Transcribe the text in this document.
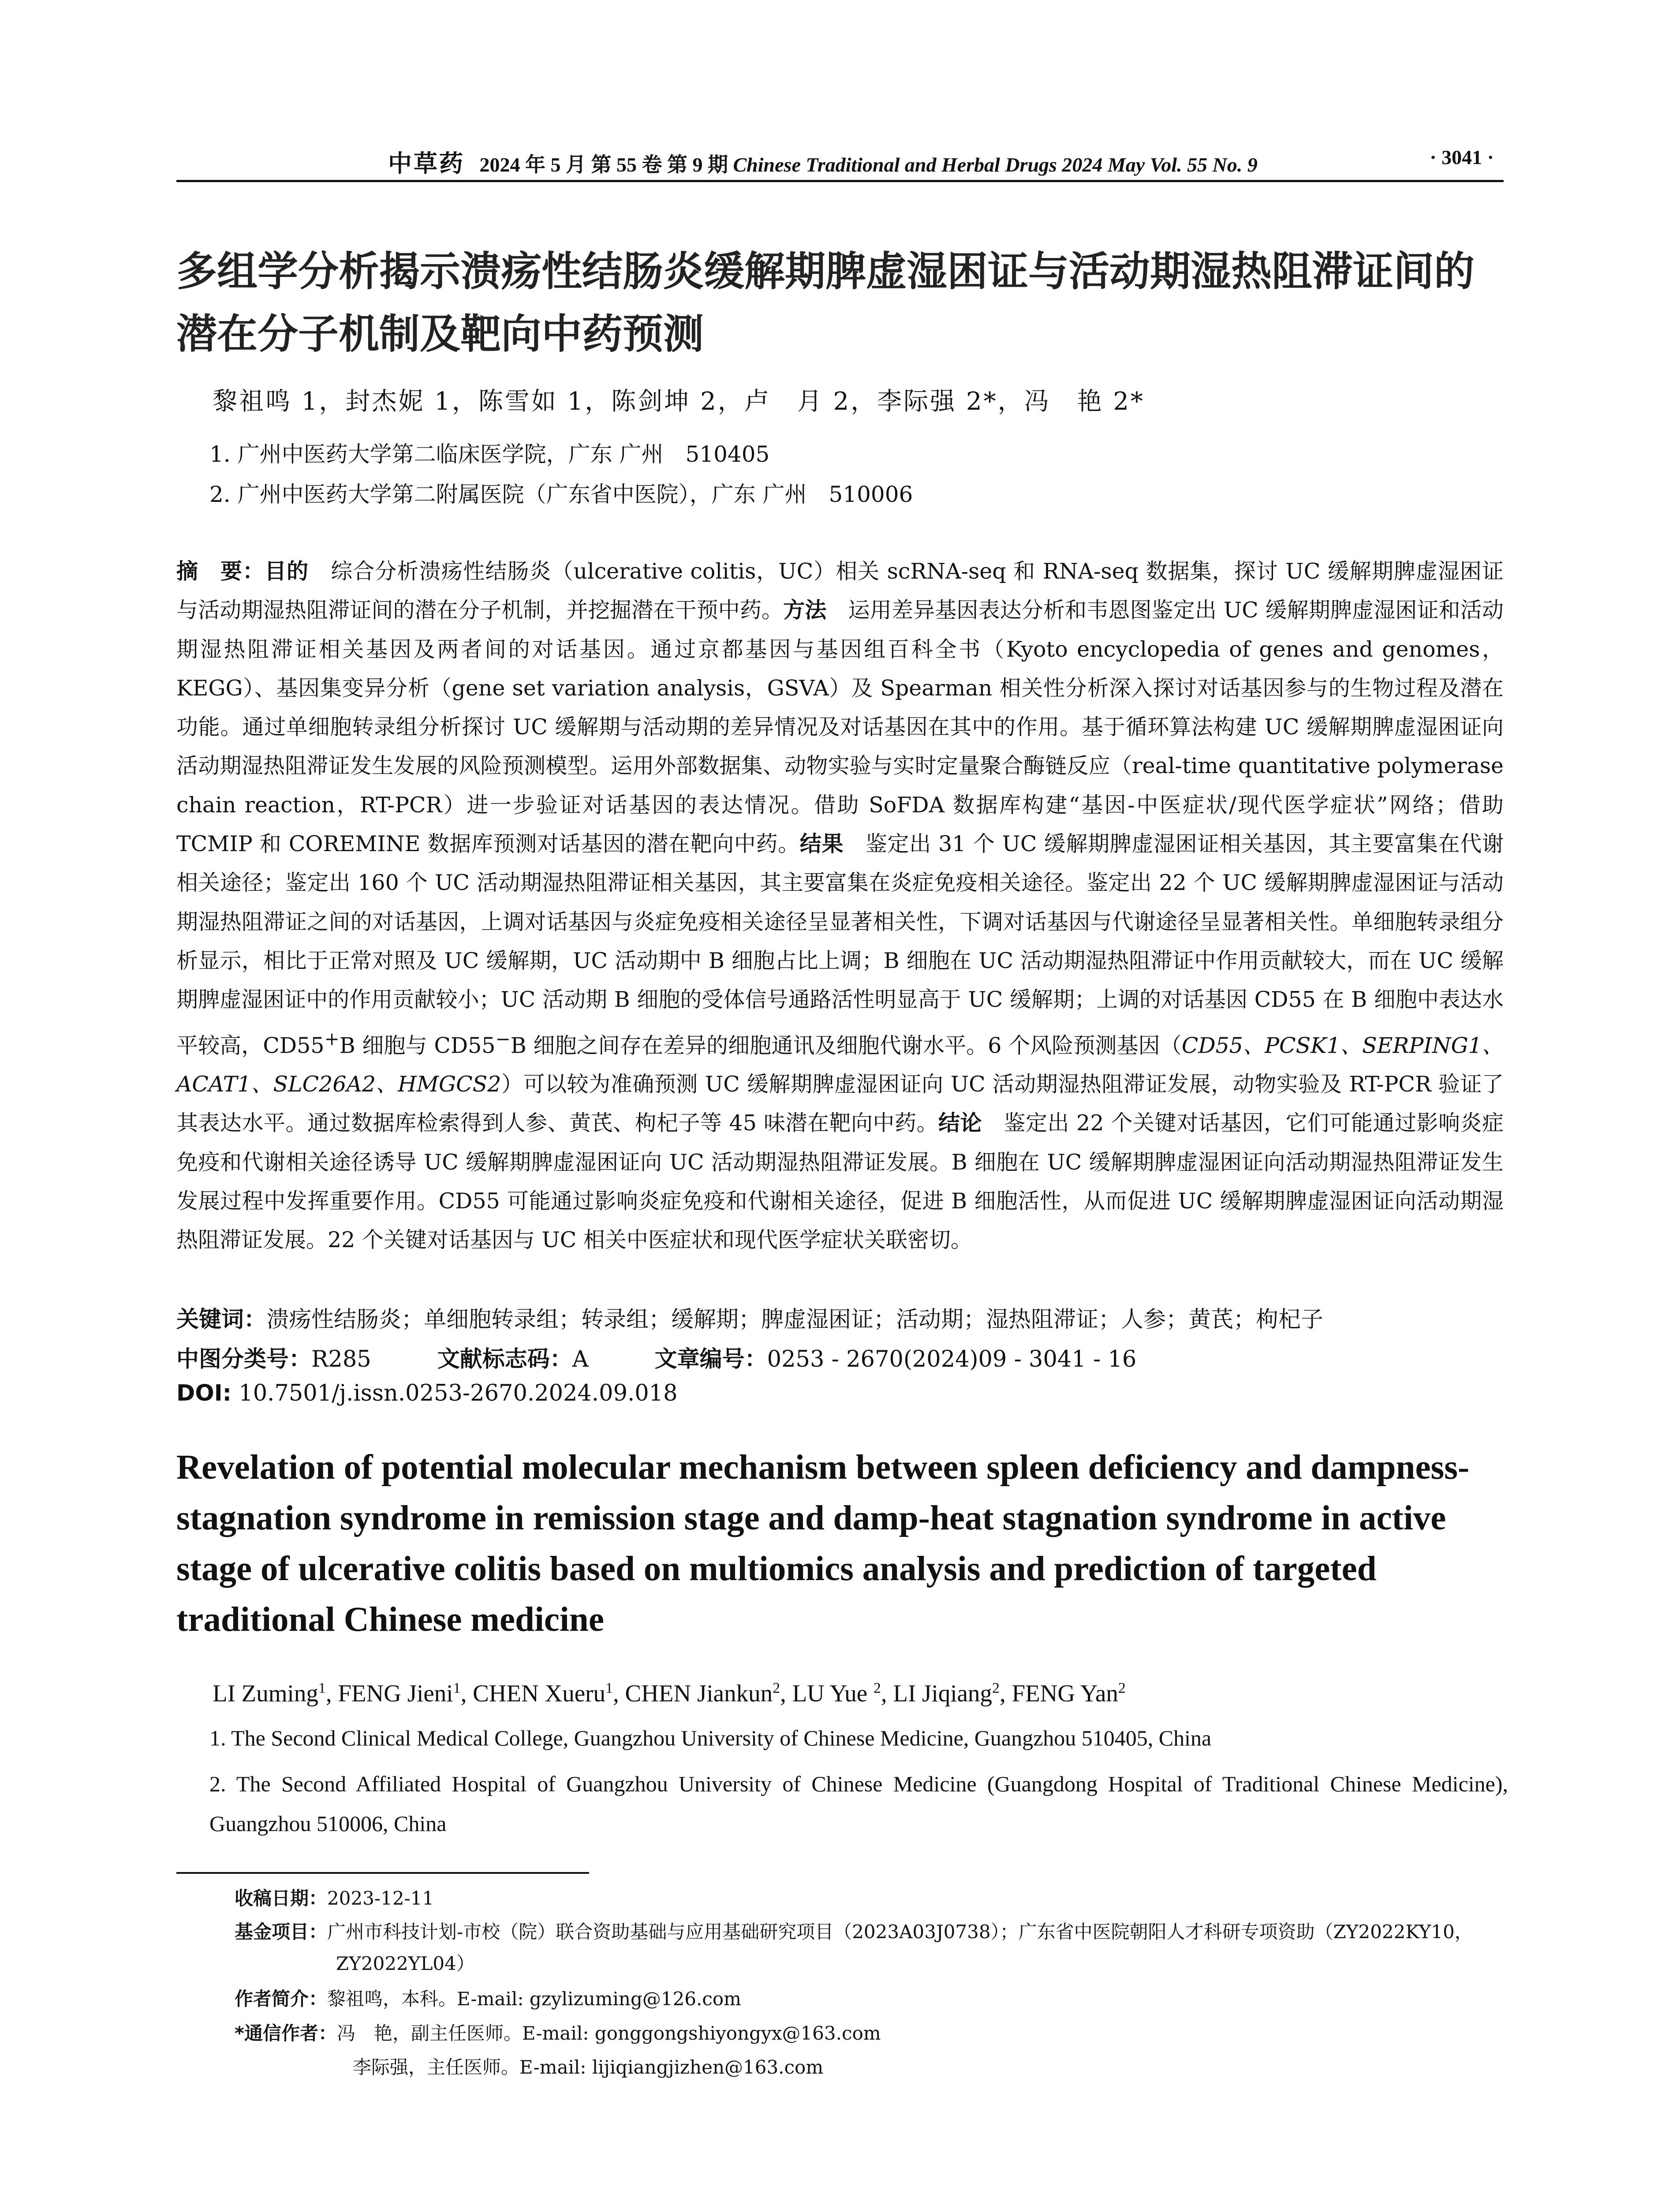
中草药 2024 年 5 月 第 55 卷 第 9 期 Chinese Traditional and Herbal Drugs 2024 May Vol. 55 No. 9	· 3041 ·
多组学分析揭示溃疡性结肠炎缓解期脾虚湿困证与活动期湿热阻滞证间的
潜在分子机制及靶向中药预测
黎祖鸣 1，封杰妮 1，陈雪如 1，陈剑坤 2，卢　月 2，李际强 2*，冯　艳 2*
1. 广州中医药大学第二临床医学院，广东 广州　510405
2. 广州中医药大学第二附属医院（广东省中医院），广东 广州　510006
摘　要：目的　 综合分析溃疡性结肠炎（ulcerative colitis，UC）相关 scRNA-seq 和 RNA-seq 数据集，探讨 UC 缓解期脾虚湿困证与活动期湿热阻滞证间的潜在分子机制，并挖掘潜在干预中药。方法　 运用差异基因表达分析和韦恩图鉴定出 UC 缓解期脾虚湿困证和活动期湿热阻滞证相关基因及两者间的对话基因。通过京都基因与基因组百科全书（Kyoto encyclopedia of genes and genomes，KEGG）、基因集变异分析（gene set variation analysis，GSVA）及 Spearman 相关性分析深入探讨对话基因参与的生物过程及潜在功能。通过单细胞转录组分析探讨 UC 缓解期与活动期的差异情况及对话基因在其中的作用。基于循环算法构建 UC 缓解期脾虚湿困证向活动期湿热阻滞证发生发展的风险预测模型。运用外部数据集、动物实验与实时定量聚合酶链反应（real-time quantitative polymerase chain reaction，RT-PCR）进一步验证对话基因的表达情况。借助 SoFDA 数据库构建“基因-中医症状/现代医学症状”网络；借助 TCMIP 和 COREMINE 数据库预测对话基因的潜在靶向中药。结果　 鉴定出 31 个 UC 缓解期脾虚湿困证相关基因，其主要富集在代谢相关途径；鉴定出 160 个 UC 活动期湿热阻滞证相关基因，其主要富集在炎症免疫相关途径。鉴定出 22 个 UC 缓解期脾虚湿困证与活动期湿热阻滞证之间的对话基因，上调对话基因与炎症免疫相关途径呈显著相关性，下调对话基因与代谢途径呈显著相关性。单细胞转录组分析显示，相比于正常对照及 UC 缓解期，UC 活动期中 B 细胞占比上调；B 细胞在 UC 活动期湿热阻滞证中作用贡献较大，而在 UC 缓解期脾虚湿困证中的作用贡献较小；UC 活动期 B 细胞的受体信号通路活性明显高于 UC 缓解期；上调的对话基因 CD55 在 B 细胞中表达水平较高，CD55+B 细胞与 CD55−B 细胞之间存在差异的细胞通讯及细胞代谢水平。6 个风险预测基因（CD55、PCSK1、SERPING1、ACAT1、SLC26A2、HMGCS2）可以较为准确预测 UC 缓解期脾虚湿困证向 UC 活动期湿热阻滞证发展，动物实验及 RT-PCR 验证了其表达水平。通过数据库检索得到人参、黄芪、枸杞子等 45 味潜在靶向中药。结论　 鉴定出 22 个关键对话基因，它们可能通过影响炎症免疫和代谢相关途径诱导 UC 缓解期脾虚湿困证向 UC 活动期湿热阻滞证发展。B 细胞在 UC 缓解期脾虚湿困证向活动期湿热阻滞证发生发展过程中发挥重要作用。CD55 可能通过影响炎症免疫和代谢相关途径，促进 B 细胞活性，从而促进 UC 缓解期脾虚湿困证向活动期湿热阻滞证发展。22 个关键对话基因与 UC 相关中医症状和现代医学症状关联密切。
关键词：溃疡性结肠炎；单细胞转录组；转录组；缓解期；脾虚湿困证；活动期；湿热阻滞证；人参；黄芪；枸杞子
中图分类号：R285	文献标志码：A	文章编号：0253 - 2670(2024)09 - 3041 - 16
DOI: 10.7501/j.issn.0253-2670.2024.09.018
Revelation of potential molecular mechanism between spleen deficiency and dampness-stagnation syndrome in remission stage and damp-heat stagnation syndrome in active stage of ulcerative colitis based on multiomics analysis and prediction of targeted traditional Chinese medicine
LI Zuming$^1$, FENG Jieni$^1$, CHEN Xueru$^1$, CHEN Jiankun$^2$, LU Yue $^2$, LI Jiqiang$^2$, FENG Yan$^2$
1. The Second Clinical Medical College, Guangzhou University of Chinese Medicine, Guangzhou 510405, China
2. The Second Affiliated Hospital of Guangzhou University of Chinese Medicine (Guangdong Hospital of Traditional Chinese Medicine), Guangzhou 510006, China
收稿日期：2023-12-11
基金项目：广州市科技计划-市校（院）联合资助基础与应用基础研究项目（2023A03J0738）；广东省中医院朝阳人才科研专项资助（ZY2022KY10，
ZY2022YL04）
作者简介：黎祖鸣，本科。E-mail: gzylizuming@126.com
*通信作者：冯　艳，副主任医师。E-mail: gonggongshiyongyx@163.com
李际强，主任医师。E-mail: lijiqiangjizhen@163.com
